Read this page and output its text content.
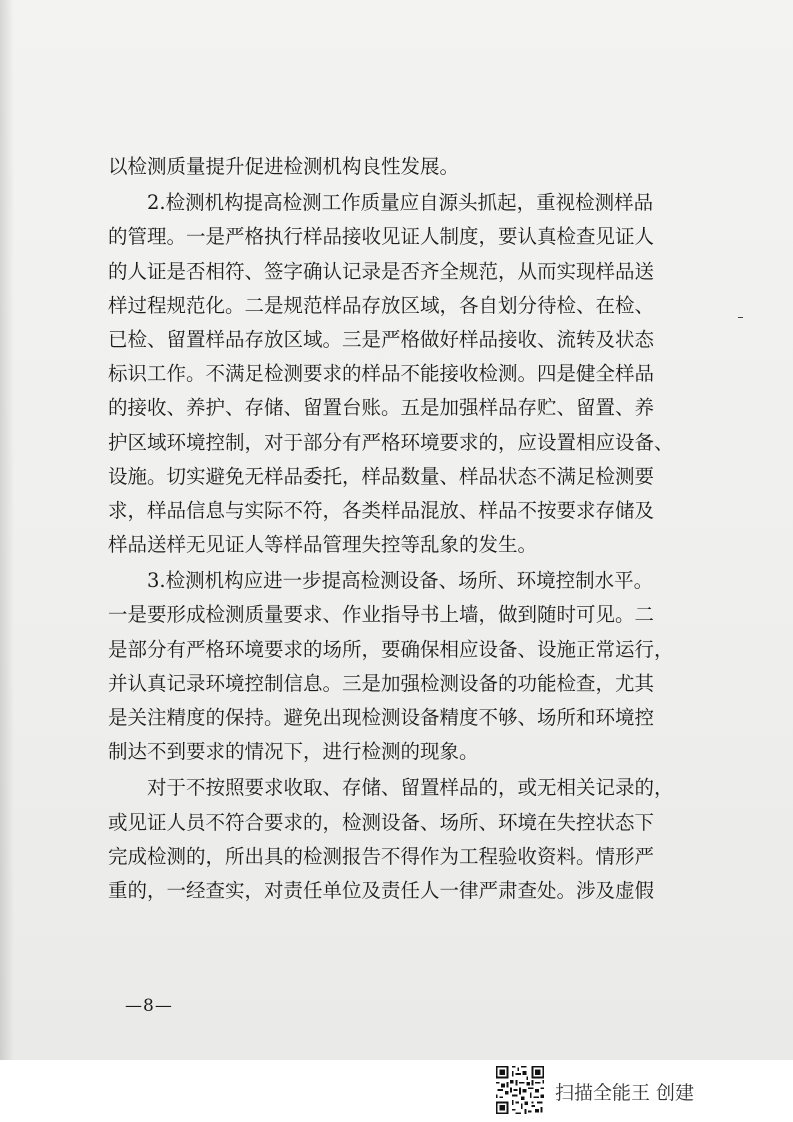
以检测质量提升促进检测机构良性发展。
2.检测机构提高检测工作质量应自源头抓起，重视检测样品
的管理。一是严格执行样品接收见证人制度，要认真检查见证人
的人证是否相符、签字确认记录是否齐全规范，从而实现样品送
样过程规范化。二是规范样品存放区域，各自划分待检、在检、
已检、留置样品存放区域。三是严格做好样品接收、流转及状态
标识工作。不满足检测要求的样品不能接收检测。四是健全样品
的接收、养护、存储、留置台账。五是加强样品存贮、留置、养
护区域环境控制，对于部分有严格环境要求的，应设置相应设备、
设施。切实避免无样品委托，样品数量、样品状态不满足检测要
求，样品信息与实际不符，各类样品混放、样品不按要求存储及
样品送样无见证人等样品管理失控等乱象的发生。
3.检测机构应进一步提高检测设备、场所、环境控制水平。
一是要形成检测质量要求、作业指导书上墙，做到随时可见。二
是部分有严格环境要求的场所，要确保相应设备、设施正常运行，
并认真记录环境控制信息。三是加强检测设备的功能检查，尤其
是关注精度的保持。避免出现检测设备精度不够、场所和环境控
制达不到要求的情况下，进行检测的现象。
对于不按照要求收取、存储、留置样品的，或无相关记录的，
或见证人员不符合要求的，检测设备、场所、环境在失控状态下
完成检测的，所出具的检测报告不得作为工程验收资料。情形严
重的，一经查实，对责任单位及责任人一律严肃查处。涉及虚假
—8—
扫描全能王 创建
